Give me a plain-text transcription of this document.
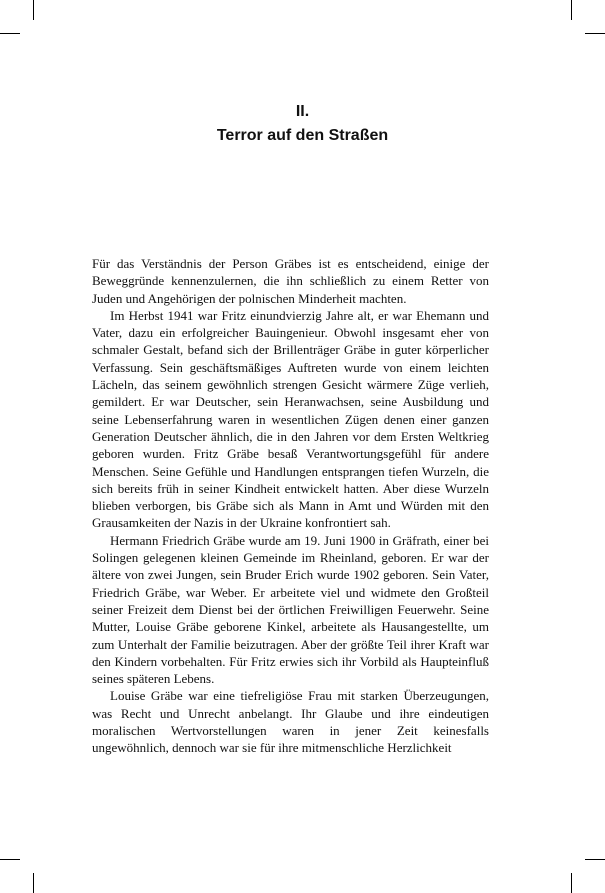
II.
Terror auf den Straßen

Für das Verständnis der Person Gräbes ist es entscheidend, einige der Beweggründe kennenzulernen, die ihn schließlich zu einem Retter von Juden und Angehörigen der polnischen Minderheit machten.

Im Herbst 1941 war Fritz einundvierzig Jahre alt, er war Ehemann und Vater, dazu ein erfolgreicher Bauingenieur. Obwohl insgesamt eher von schmaler Gestalt, befand sich der Brillenträger Gräbe in guter körperlicher Verfassung. Sein geschäftsmäßiges Auftreten wurde von einem leichten Lächeln, das seinem gewöhnlich strengen Gesicht wärmere Züge verlieh, gemildert. Er war Deutscher, sein Heranwachsen, seine Ausbildung und seine Lebenserfahrung waren in wesentlichen Zügen denen einer ganzen Generation Deutscher ähnlich, die in den Jahren vor dem Ersten Weltkrieg geboren wurden. Fritz Gräbe besaß Verantwortungsgefühl für andere Menschen. Seine Gefühle und Handlungen entsprangen tiefen Wurzeln, die sich bereits früh in seiner Kindheit entwickelt hatten. Aber diese Wurzeln blieben verborgen, bis Gräbe sich als Mann in Amt und Würden mit den Grausamkeiten der Nazis in der Ukraine konfrontiert sah.

Hermann Friedrich Gräbe wurde am 19. Juni 1900 in Gräfrath, einer bei Solingen gelegenen kleinen Gemeinde im Rheinland, geboren. Er war der ältere von zwei Jungen, sein Bruder Erich wurde 1902 geboren. Sein Vater, Friedrich Gräbe, war Weber. Er arbeitete viel und widmete den Großteil seiner Freizeit dem Dienst bei der örtlichen Freiwilligen Feuerwehr. Seine Mutter, Louise Gräbe geborene Kinkel, arbeitete als Hausangestellte, um zum Unterhalt der Familie beizutragen. Aber der größte Teil ihrer Kraft war den Kindern vorbehalten. Für Fritz erwies sich ihr Vorbild als Haupteinfluß seines späteren Lebens.

Louise Gräbe war eine tiefreligiöse Frau mit starken Überzeugungen, was Recht und Unrecht anbelangt. Ihr Glaube und ihre eindeutigen moralischen Wertvorstellungen waren in jener Zeit keinesfalls ungewöhnlich, dennoch war sie für ihre mitmenschliche Herzlichkeit
